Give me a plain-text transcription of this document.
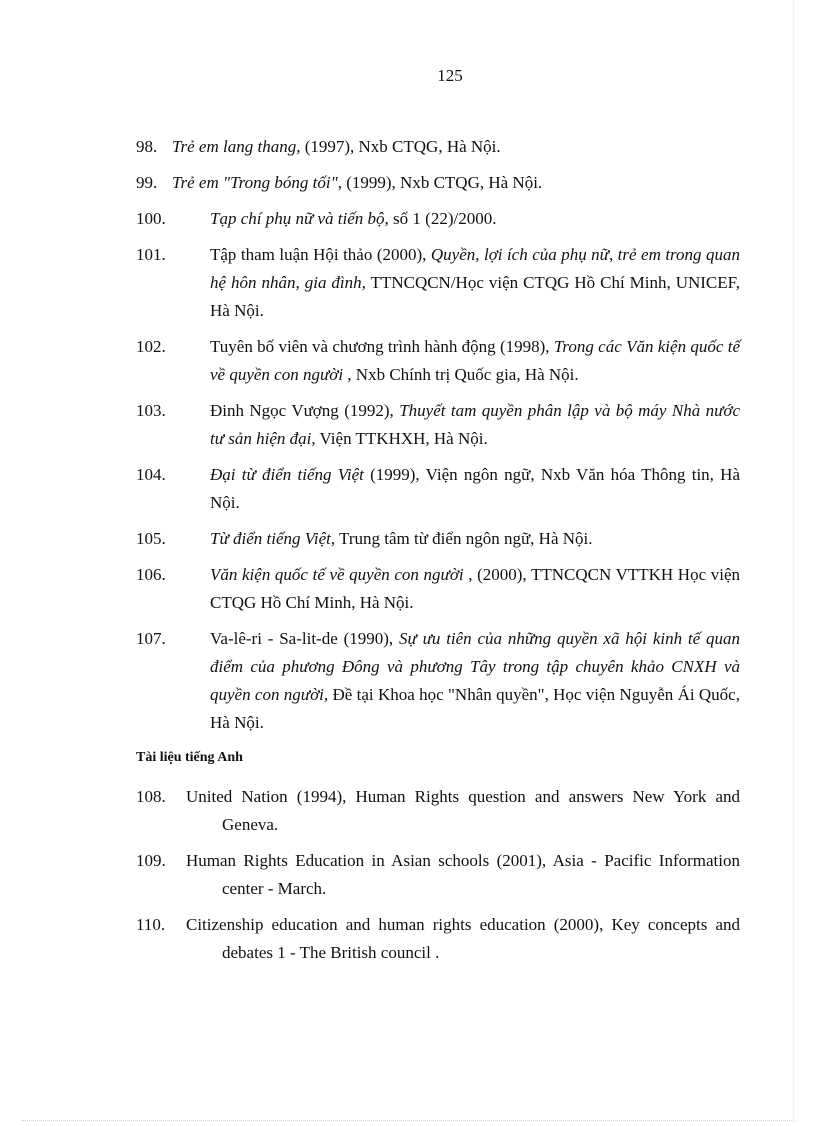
125
98. Trẻ em lang thang, (1997), Nxb CTQG, Hà Nội.
99. Trẻ em "Trong bóng tối", (1999), Nxb CTQG, Hà Nội.
100.	Tạp chí phụ nữ và tiến bộ, số 1 (22)/2000.
101.	Tập tham luận Hội thảo (2000), Quyền, lợi ích của phụ nữ, trẻ em trong quan hệ hôn nhân, gia đình, TTNCQCN/Học viện CTQG Hồ Chí Minh, UNICEF, Hà Nội.
102.	Tuyên bố viên và chương trình hành động (1998), Trong các Văn kiện quốc tế về quyền con người , Nxb Chính trị Quốc gia, Hà Nội.
103.	Đinh Ngọc Vượng (1992), Thuyết tam quyền phân lập và bộ máy Nhà nước tư sản hiện đại, Viện TTKHXH, Hà Nội.
104.	Đại từ điển tiếng Việt (1999), Viện ngôn ngữ, Nxb Văn hóa Thông tin, Hà Nội.
105.	Từ điển tiếng Việt, Trung tâm từ điển ngôn ngữ, Hà Nội.
106.	Văn kiện quốc tế về quyền con người , (2000), TTNCQCN VTTKH Học viện CTQG Hồ Chí Minh, Hà Nội.
107.	Va-lê-ri - Sa-lit-de (1990), Sự ưu tiên của những quyền xã hội kinh tế quan điểm của phương Đông và phương Tây trong tập chuyên khảo CNXH và quyền con người, Đề tại Khoa học "Nhân quyền", Học viện Nguyễn Ái Quốc, Hà Nội.
Tài liệu tiếng Anh
108. United Nation (1994), Human Rights question and answers New York and Geneva.
109. Human Rights Education in Asian schools (2001), Asia - Pacific Information center - March.
110. Citizenship education and human rights education (2000), Key concepts and debates 1 - The British council .
